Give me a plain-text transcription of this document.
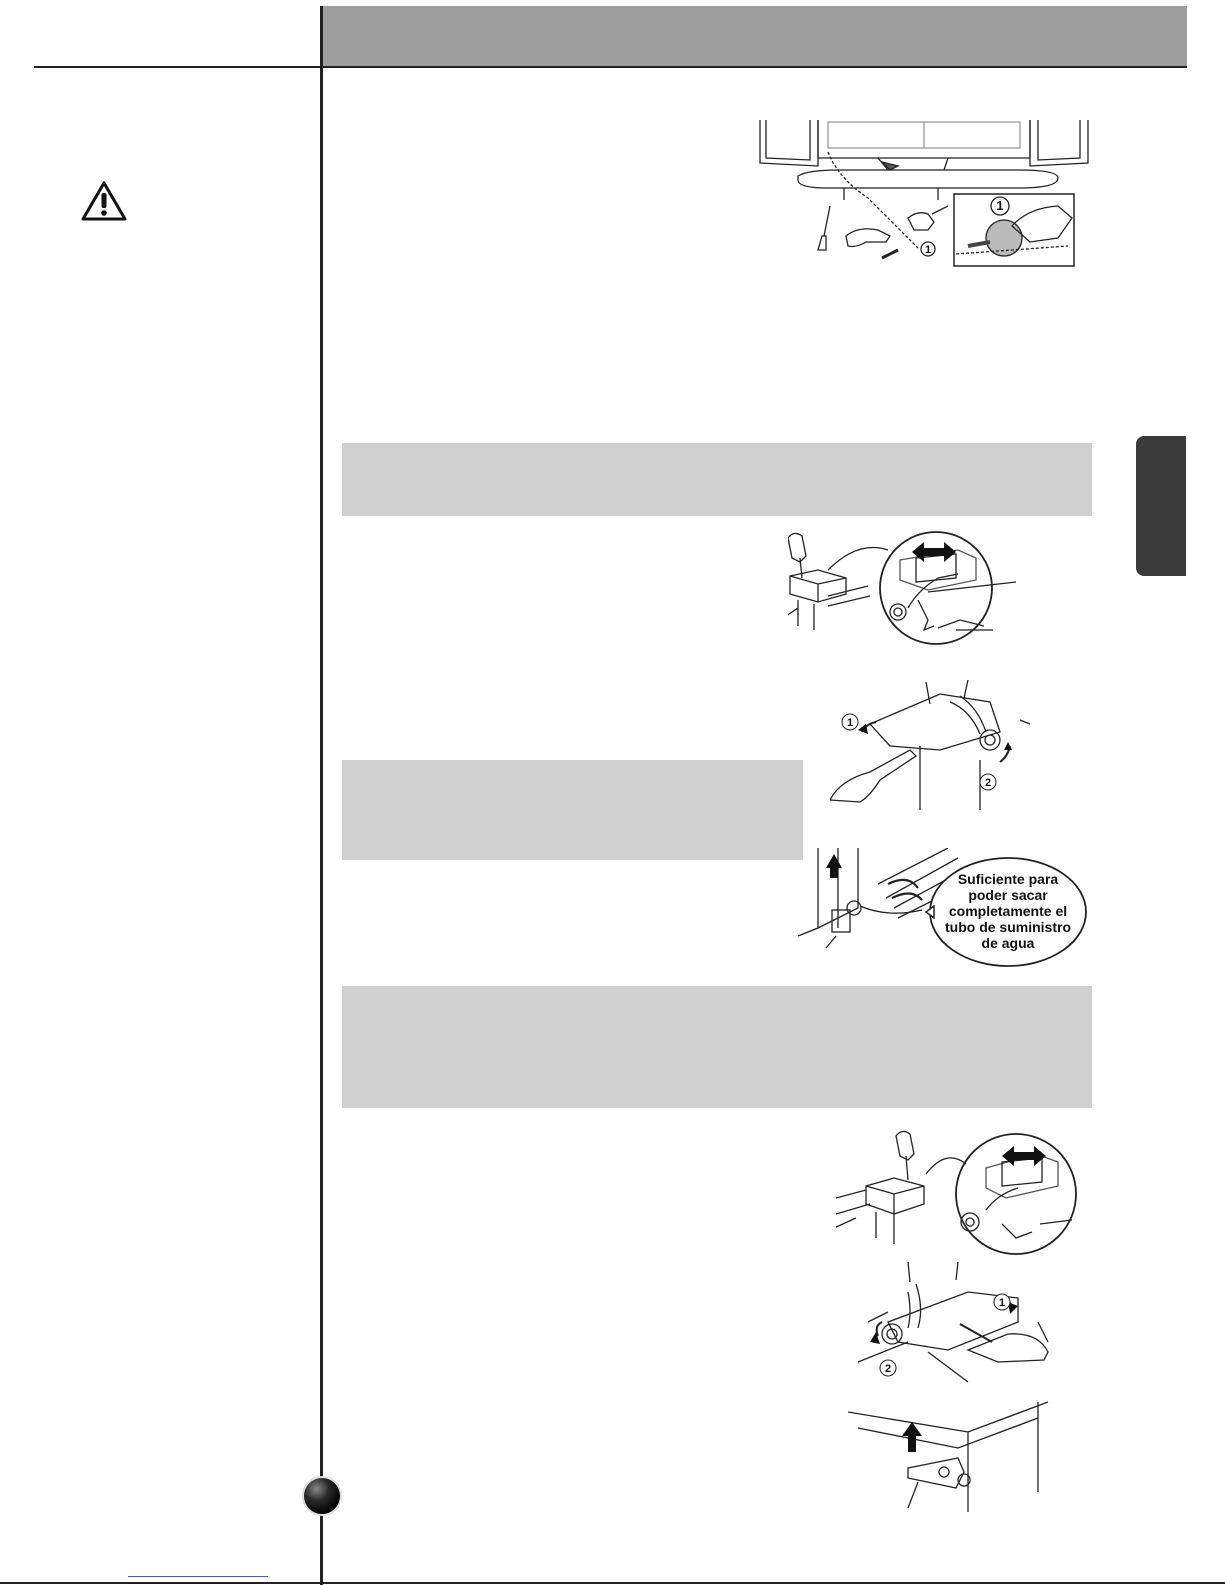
1
1
1
2
Suficiente para
poder sacar
completamente el
tubo de suministro
de agua
1
2
